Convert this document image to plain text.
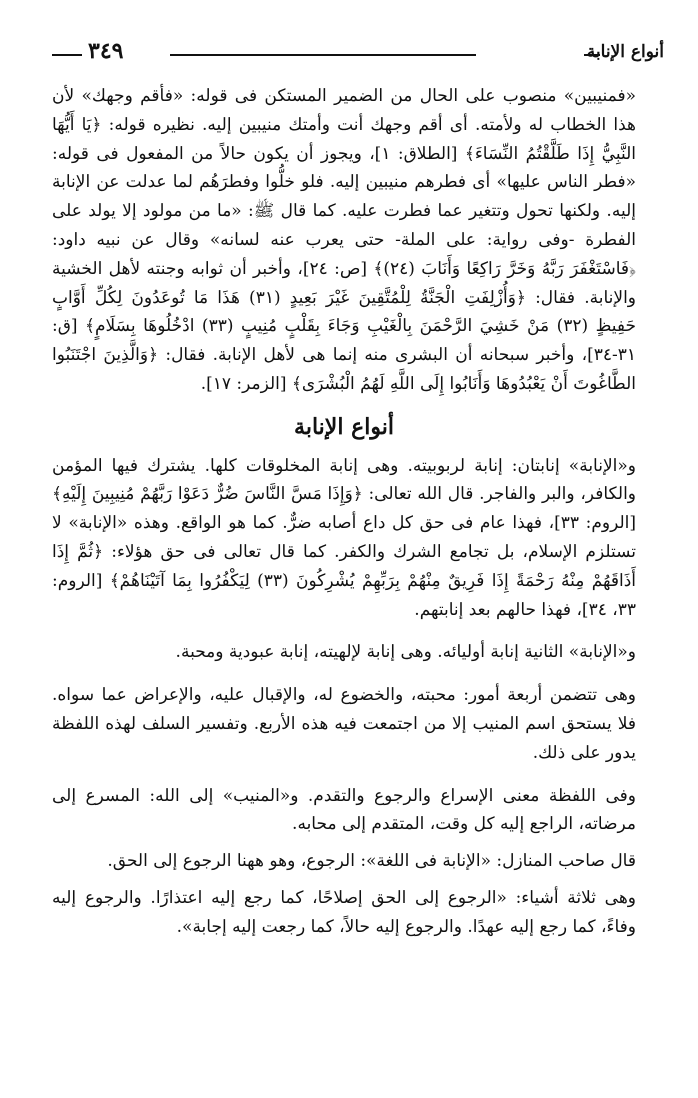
أنواع الإنابة
٣٤٩

«فمنيبين» منصوب على الحال من الضمير المستكن فى قوله: «فأقم وجهك» لأن هذا الخطاب له ولأمته. أى أقم وجهك أنت وأمتك منيبين إليه. نظيره قوله: ﴿يَا أَيُّهَا النَّبِيُّ إِذَا طَلَّقْتُمُ النِّسَاءَ﴾ [الطلاق: ١]، ويجوز أن يكون حالاً من المفعول فى قوله: «فطر الناس عليها» أى فطرهم منيبين إليه. فلو خلُّوا وفطرَهُم لما عدلت عن الإنابة إليه. ولكنها تحول وتتغير عما فطرت عليه. كما قال ﷺ: «ما من مولود إلا يولد على الفطرة -وفى رواية: على الملة- حتى يعرب عنه لسانه» وقال عن نبيه داود: ﴿فَاسْتَغْفَرَ رَبَّهُ وَخَرَّ رَاكِعًا وَأَنَابَ (٢٤)﴾ [ص: ٢٤]، وأخبر أن ثوابه وجنته لأهل الخشية والإنابة. فقال: ﴿وَأُزْلِفَتِ الْجَنَّةُ لِلْمُتَّقِينَ غَيْرَ بَعِيدٍ (٣١) هَذَا مَا تُوعَدُونَ لِكُلِّ أَوَّابٍ حَفِيظٍ (٣٢) مَنْ خَشِيَ الرَّحْمَنَ بِالْغَيْبِ وَجَاءَ بِقَلْبٍ مُنِيبٍ (٣٣) ادْخُلُوهَا بِسَلَامٍ﴾ [ق: ٣١-٣٤]، وأخبر سبحانه أن البشرى منه إنما هى لأهل الإنابة. فقال: ﴿وَالَّذِينَ اجْتَنَبُوا الطَّاغُوتَ أَنْ يَعْبُدُوهَا وَأَنَابُوا إِلَى اللَّهِ لَهُمُ الْبُشْرَى﴾ [الزمر: ١٧].

أنواع الإنابة

و«الإنابة» إنابتان: إنابة لربوبيته. وهى إنابة المخلوقات كلها. يشترك فيها المؤمن والكافر، والبر والفاجر. قال الله تعالى: ﴿وَإِذَا مَسَّ النَّاسَ ضُرٌّ دَعَوْا رَبَّهُمْ مُنِيبِينَ إِلَيْهِ﴾ [الروم: ٣٣]، فهذا عام فى حق كل داع أصابه ضرٌّ. كما هو الواقع. وهذه «الإنابة» لا تستلزم الإسلام، بل تجامع الشرك والكفر. كما قال تعالى فى حق هؤلاء: ﴿ثُمَّ إِذَا أَذَاقَهُمْ مِنْهُ رَحْمَةً إِذَا فَرِيقٌ مِنْهُمْ بِرَبِّهِمْ يُشْرِكُونَ (٣٣) لِيَكْفُرُوا بِمَا آتَيْنَاهُمْ﴾ [الروم: ٣٣، ٣٤]، فهذا حالهم بعد إنابتهم.

و«الإنابة» الثانية إنابة أوليائه. وهى إنابة لإلهيته، إنابة عبودية ومحبة.

وهى تتضمن أربعة أمور: محبته، والخضوع له، والإقبال عليه، والإعراض عما سواه. فلا يستحق اسم المنيب إلا من اجتمعت فيه هذه الأربع. وتفسير السلف لهذه اللفظة يدور على ذلك.

وفى اللفظة معنى الإسراع والرجوع والتقدم. و«المنيب» إلى الله: المسرع إلى مرضاته، الراجع إليه كل وقت، المتقدم إلى محابه.

قال صاحب المنازل: «الإنابة فى اللغة»: الرجوع، وهو ههنا الرجوع إلى الحق.

وهى ثلاثة أشياء: «الرجوع إلى الحق إصلاحًا، كما رجع إليه اعتذارًا. والرجوع إليه وفاءً، كما رجع إليه عهدًا. والرجوع إليه حالاً، كما رجعت إليه إجابة».
